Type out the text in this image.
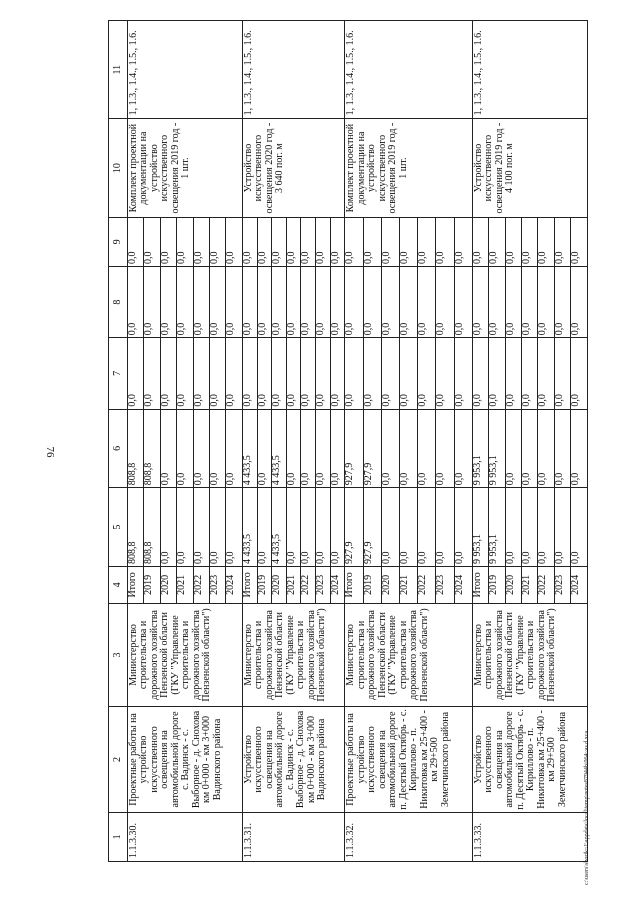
76
1	2	3	4	5	6	7	8	9	10	11
1.1.3.30.	Проектные работы на устройство искусственного освещения на автомобильной дороге с. Вадинск - с. Выборное - д. Снохова км 0+000 - км 3+000 Вадинского района	Министерство строительства и дорожного хозяйства Пензенской области (ГКУ "Управление строительства и дорожного хозяйства Пензенской области")	Итого	808,8	808,8	0,0	0,0	0,0	Комплект проектной документации на устройство искусственного освещения 2019 год - 1 шт.	1, 1.3., 1.4., 1.5., 1.6.
			2019	808,8	808,8	0,0	0,0	0,0		
			2020	0,0	0,0	0,0	0,0	0,0		
			2021	0,0	0,0	0,0	0,0	0,0		
			2022	0,0	0,0	0,0	0,0	0,0		
			2023	0,0	0,0	0,0	0,0	0,0		
			2024	0,0	0,0	0,0	0,0	0,0		
1.1.3.31.	Устройство искусственного освещения на автомобильной дороге с. Вадинск - с. Выборное - д. Снохова км 0+000 - км 3+000 Вадинского района	Министерство строительства и дорожного хозяйства Пензенской области (ГКУ "Управление строительства и дорожного хозяйства Пензенской области")	Итого	4 433,5	4 433,5	0,0	0,0	0,0	Устройство искусственного освещения 2020 год - 3 640 пог. м	1, 1.3., 1.4., 1.5., 1.6.
			2019	0,0	0,0	0,0	0,0	0,0		
			2020	4 433,5	4 433,5	0,0	0,0	0,0		
			2021	0,0	0,0	0,0	0,0	0,0		
			2022	0,0	0,0	0,0	0,0	0,0		
			2023	0,0	0,0	0,0	0,0	0,0		
			2024	0,0	0,0	0,0	0,0	0,0		
1.1.3.32.	Проектные работы на устройство искусственного освещения на автомобильной дороге п. Десятый Октябрь - с. Кириллово - п. Никитовка км 25+400 - км 29+500 Земетчинского района	Министерство строительства и дорожного хозяйства Пензенской области (ГКУ "Управление строительства и дорожного хозяйства Пензенской области")	Итого	927,9	927,9	0,0	0,0	0,0	Комплект проектной документации на устройство искусственного освещения 2019 год - 1 шт.	1, 1.3., 1.4., 1.5., 1.6.
			2019	927,9	927,9	0,0	0,0	0,0		
			2020	0,0	0,0	0,0	0,0	0,0		
			2021	0,0	0,0	0,0	0,0	0,0		
			2022	0,0	0,0	0,0	0,0	0,0		
			2023	0,0	0,0	0,0	0,0	0,0		
			2024	0,0	0,0	0,0	0,0	0,0		
1.1.3.33.	Устройство искусственного освещения на автомобильной дороге п. Десятый Октябрь - с. Кириллово - п. Никитовка км 25+400 - км 29+500 Земетчинского района	Министерство строительства и дорожного хозяйства Пензенской области (ГКУ "Управление строительства и дорожного хозяйства Пензенской области")	Итого	9 953,1	9 953,1	0,0	0,0	0,0	Устройство искусственного освещения 2019 год - 4 100 пог. м	1, 1.3., 1.4., 1.5., 1.6.
			2019	9 953,1	9 953,1	0,0	0,0	0,0		
			2020	0,0	0,0	0,0	0,0	0,0		
			2021	0,0	0,0	0,0	0,0	0,0		
			2022	0,0	0,0	0,0	0,0	0,0		
			2023	0,0	0,0	0,0	0,0	0,0		
			2024	0,0	0,0	0,0	0,0	0,0		
c:\users\sborik~1\appdata\local\temp\notes87944b\064~as.d.xca
